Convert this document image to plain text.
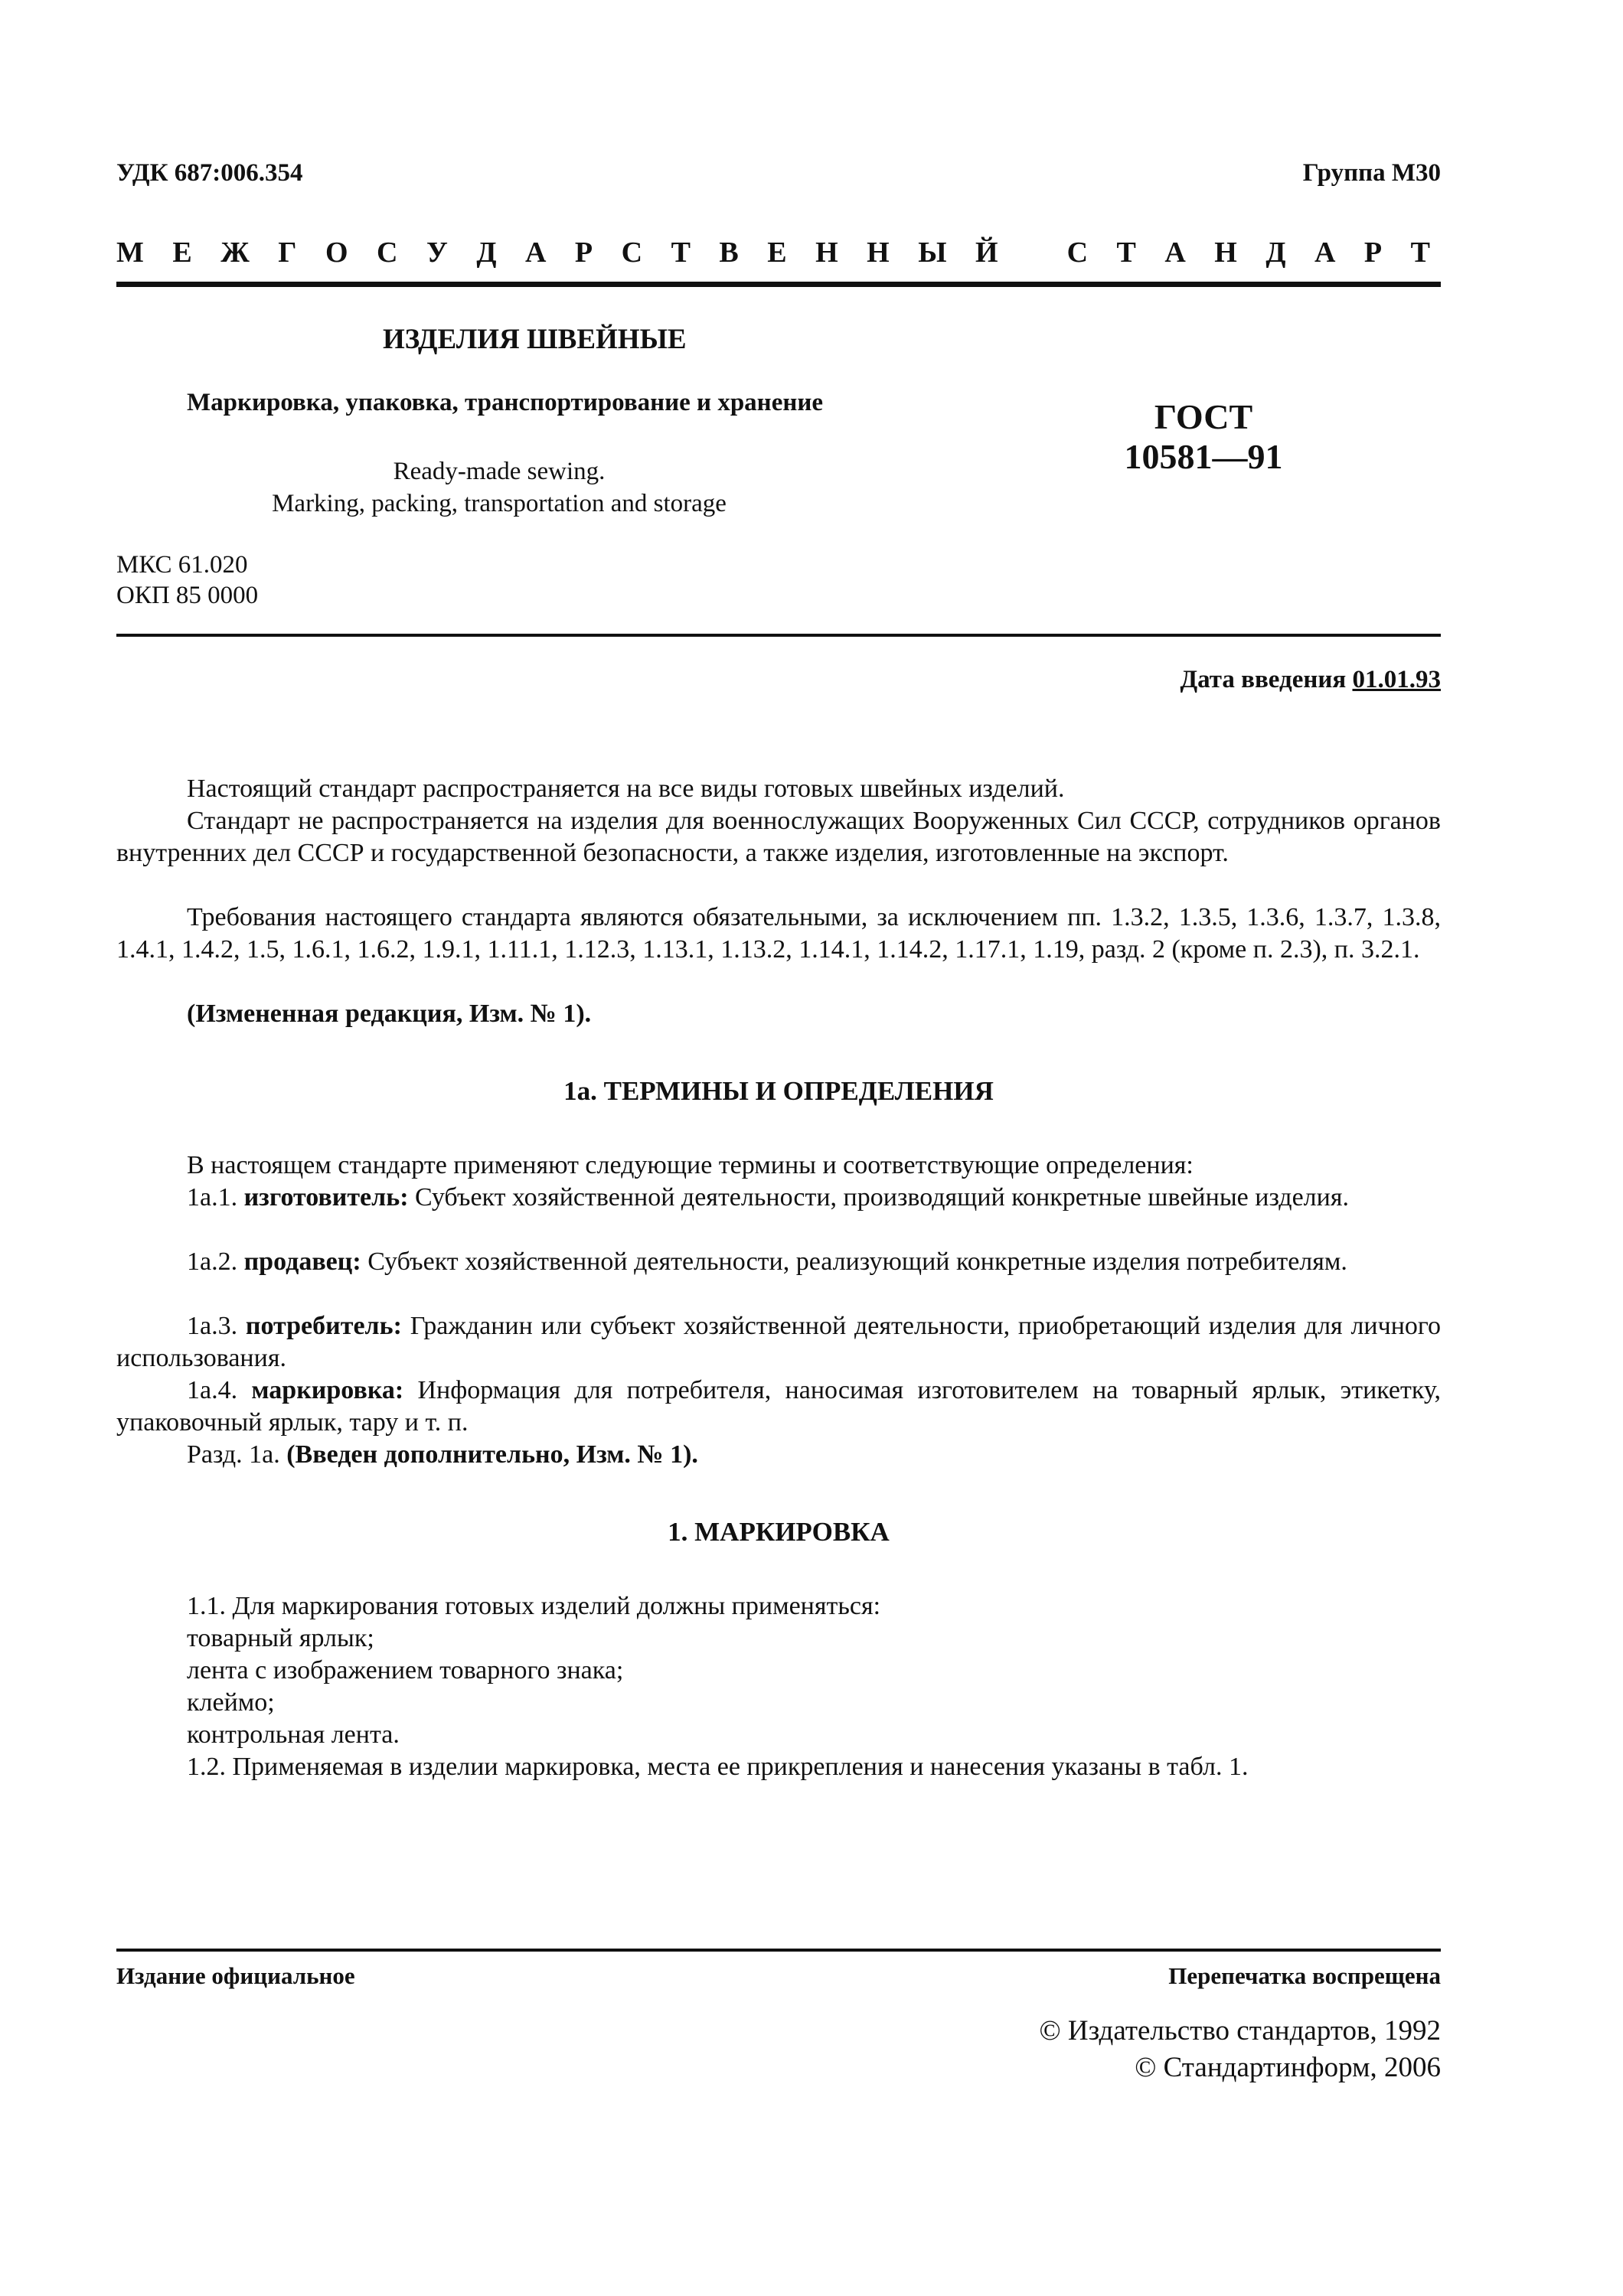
УДК 687:006.354	Группа М30
М Е Ж Г О С У Д А Р С Т В Е Н Н Ы Й С Т А Н Д А Р Т
ИЗДЕЛИЯ ШВЕЙНЫЕ
Маркировка, упаковка, транспортирование и хранение
Ready-made sewing.
Marking, packing, transportation and storage
ГОСТ
10581—91
МКС 61.020
ОКП 85 0000
Дата введения 01.01.93
Настоящий стандарт распространяется на все виды готовых швейных изделий.
Стандарт не распространяется на изделия для военнослужащих Вооруженных Сил СССР, сотрудников органов внутренних дел СССР и государственной безопасности, а также изделия, изготовленные на экспорт.
Требования настоящего стандарта являются обязательными, за исключением пп. 1.3.2, 1.3.5, 1.3.6, 1.3.7, 1.3.8, 1.4.1, 1.4.2, 1.5, 1.6.1, 1.6.2, 1.9.1, 1.11.1, 1.12.3, 1.13.1, 1.13.2, 1.14.1, 1.14.2, 1.17.1, 1.19, разд. 2 (кроме п. 2.3), п. 3.2.1.
(Измененная редакция, Изм. № 1).
1а. ТЕРМИНЫ И ОПРЕДЕЛЕНИЯ
В настоящем стандарте применяют следующие термины и соответствующие определения:
1а.1. изготовитель: Субъект хозяйственной деятельности, производящий конкретные швейные изделия.
1а.2. продавец: Субъект хозяйственной деятельности, реализующий конкретные изделия потребителям.
1а.3. потребитель: Гражданин или субъект хозяйственной деятельности, приобретающий изделия для личного использования.
1а.4. маркировка: Информация для потребителя, наносимая изготовителем на товарный ярлык, этикетку, упаковочный ярлык, тару и т. п.
Разд. 1а. (Введен дополнительно, Изм. № 1).
1. МАРКИРОВКА
1.1. Для маркирования готовых изделий должны применяться:
товарный ярлык;
лента с изображением товарного знака;
клеймо;
контрольная лента.
1.2. Применяемая в изделии маркировка, места ее прикрепления и нанесения указаны в табл. 1.
Издание официальное	Перепечатка воспрещена
© Издательство стандартов, 1992
© Стандартинформ, 2006
